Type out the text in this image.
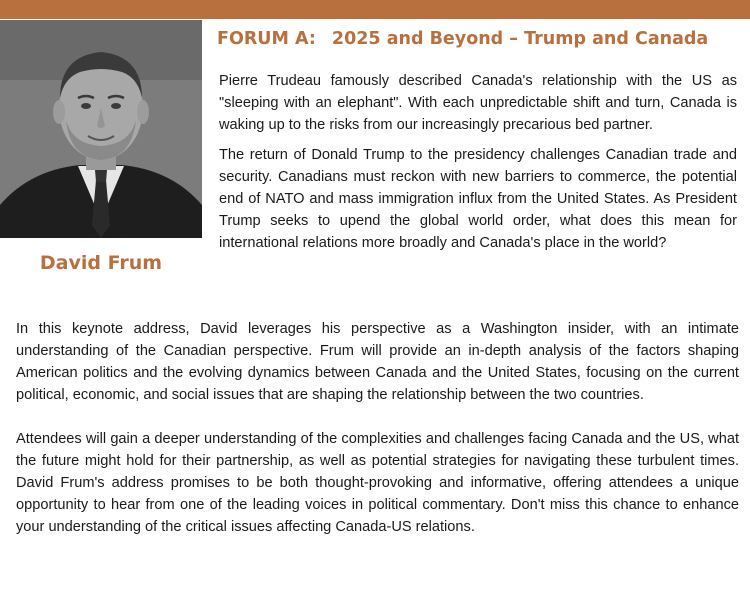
David Frum
FORUM A: 2025 and Beyond – Trump and Canada

Pierre Trudeau famously described Canada's relationship with the US as "sleeping with an elephant". With each unpredictable shift and turn, Canada is waking up to the risks from our increasingly precarious bed partner.

The return of Donald Trump to the presidency challenges Canadian trade and security. Canadians must reckon with new barriers to commerce, the potential end of NATO and mass immigration influx from the United States. As President Trump seeks to upend the global world order, what does this mean for international relations more broadly and Canada's place in the world?

In this keynote address, David leverages his perspective as a Washington insider, with an intimate understanding of the Canadian perspective. Frum will provide an in-depth analysis of the factors shaping American politics and the evolving dynamics between Canada and the United States, focusing on the current political, economic, and social issues that are shaping the relationship between the two countries.

Attendees will gain a deeper understanding of the complexities and challenges facing Canada and the US, what the future might hold for their partnership, as well as potential strategies for navigating these turbulent times. David Frum's address promises to be both thought-provoking and informative, offering attendees a unique opportunity to hear from one of the leading voices in political commentary. Don't miss this chance to enhance your understanding of the critical issues affecting Canada-US relations.
